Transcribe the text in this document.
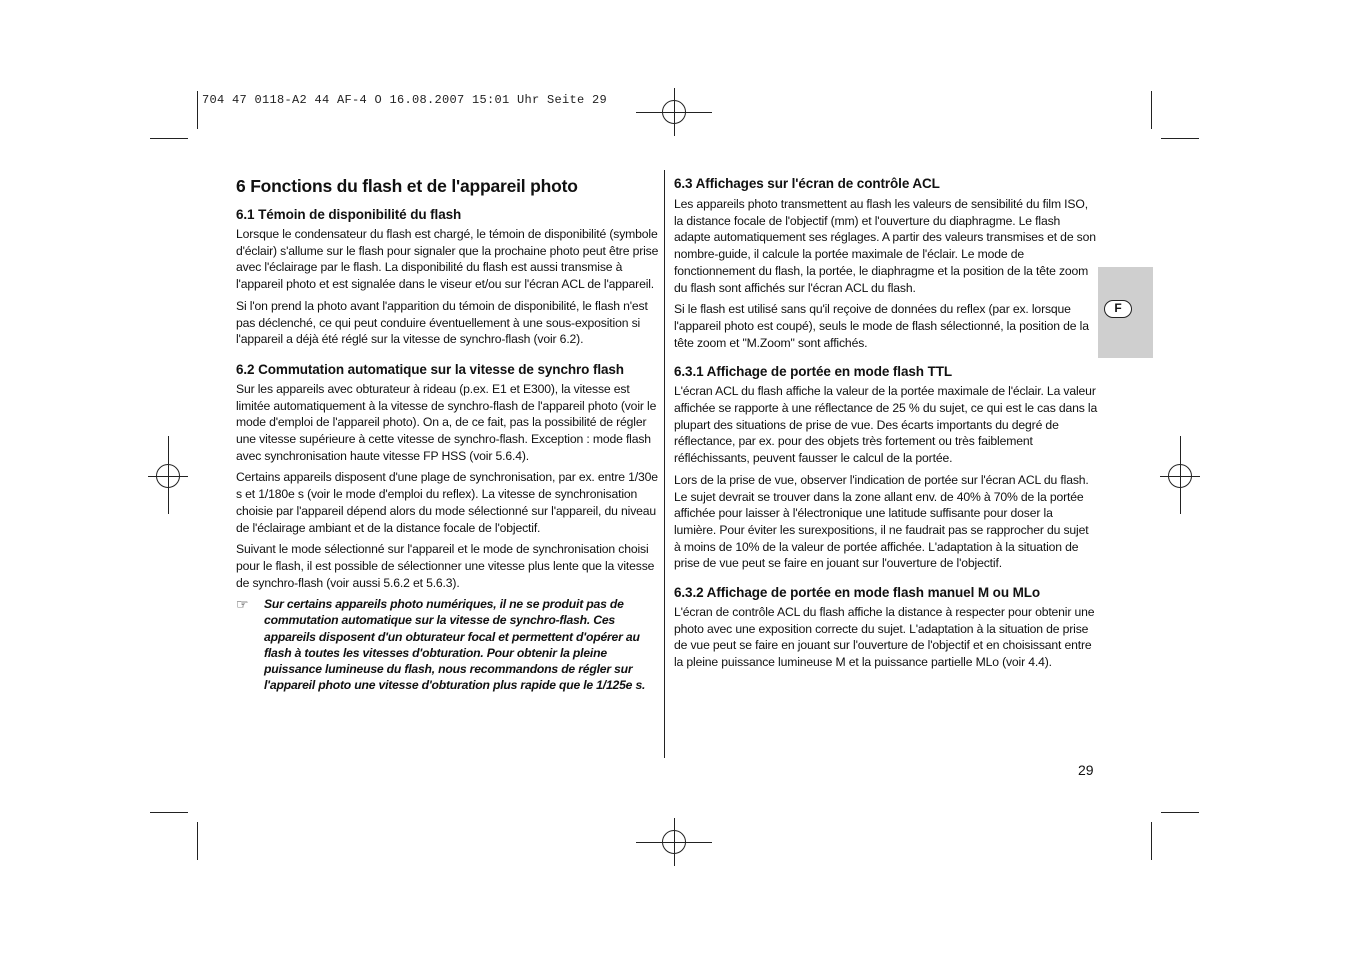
704 47 0118-A2 44 AF-4 O 16.08.2007 15:01 Uhr Seite 29
6 Fonctions du flash et de l'appareil photo
6.1 Témoin de disponibilité du flash

Lorsque le condensateur du flash est chargé, le témoin de disponibilité (symbole d'éclair) s'allume sur le flash pour signaler que la prochaine photo peut être prise avec l'éclairage par le flash. La disponibilité du flash est aussi transmise à l'appareil photo et est signalée dans le viseur et/ou sur l'écran ACL de l'appareil.

Si l'on prend la photo avant l'apparition du témoin de disponibilité, le flash n'est pas déclenché, ce qui peut conduire éventuellement à une sous-exposition si l'appareil a déjà été réglé sur la vitesse de synchro-flash (voir 6.2).

6.2 Commutation automatique sur la vitesse de synchro flash

Sur les appareils avec obturateur à rideau (p.ex. E1 et E300), la vitesse est limitée automatiquement à la vitesse de synchro-flash de l'appareil photo (voir le mode d'emploi de l'appareil photo). On a, de ce fait, pas la possibilité de régler une vitesse supérieure à cette vitesse de synchro-flash. Exception : mode flash avec synchronisation haute vitesse FP HSS (voir 5.6.4).

Certains appareils disposent d'une plage de synchronisation, par ex. entre 1/30e s et 1/180e s (voir le mode d'emploi du reflex). La vitesse de synchronisation choisie par l'appareil dépend alors du mode sélectionné sur l'appareil, du niveau de l'éclairage ambiant et de la distance focale de l'objectif.

Suivant le mode sélectionné sur l'appareil et le mode de synchronisation choisi pour le flash, il est possible de sélectionner une vitesse plus lente que la vitesse de synchro-flash (voir aussi 5.6.2 et 5.6.3).

☞	Sur certains appareils photo numériques, il ne se produit pas de commutation automatique sur la vitesse de synchro-flash. Ces appareils disposent d'un obturateur focal et permettent d'opérer au flash à toutes les vitesses d'obturation. Pour obtenir la pleine puissance lumineuse du flash, nous recommandons de régler sur l'appareil photo une vitesse d'obturation plus rapide que le 1/125e s.
6.3 Affichages sur l'écran de contrôle ACL

Les appareils photo transmettent au flash les valeurs de sensibilité du film ISO, la distance focale de l'objectif (mm) et l'ouverture du diaphragme. Le flash adapte automatiquement ses réglages. A partir des valeurs transmises et de son nombre-guide, il calcule la portée maximale de l'éclair. Le mode de fonctionnement du flash, la portée, le diaphragme et la position de la tête zoom du flash sont affichés sur l'écran ACL du flash.

Si le flash est utilisé sans qu'il reçoive de données du reflex (par ex. lorsque l'appareil photo est coupé), seuls le mode de flash sélectionné, la position de la tête zoom et "M.Zoom" sont affichés.

6.3.1 Affichage de portée en mode flash TTL

L'écran ACL du flash affiche la valeur de la portée maximale de l'éclair. La valeur affichée se rapporte à une réflectance de 25 % du sujet, ce qui est le cas dans la plupart des situations de prise de vue. Des écarts importants du degré de réflectance, par ex. pour des objets très fortement ou très faiblement réfléchissants, peuvent fausser le calcul de la portée.

Lors de la prise de vue, observer l'indication de portée sur l'écran ACL du flash. Le sujet devrait se trouver dans la zone allant env. de 40% à 70% de la portée affichée pour laisser à l'électronique une latitude suffisante pour doser la lumière. Pour éviter les surexpositions, il ne faudrait pas se rapprocher du sujet à moins de 10% de la valeur de portée affichée. L'adaptation à la situation de prise de vue peut se faire en jouant sur l'ouverture de l'objectif.

6.3.2 Affichage de portée en mode flash manuel M ou MLo

L'écran de contrôle ACL du flash affiche la distance à respecter pour obtenir une photo avec une exposition correcte du sujet. L'adaptation à la situation de prise de vue peut se faire en jouant sur l'ouverture de l'objectif et en choisissant entre la pleine puissance lumineuse M et la puissance partielle MLo (voir 4.4).

F
29
